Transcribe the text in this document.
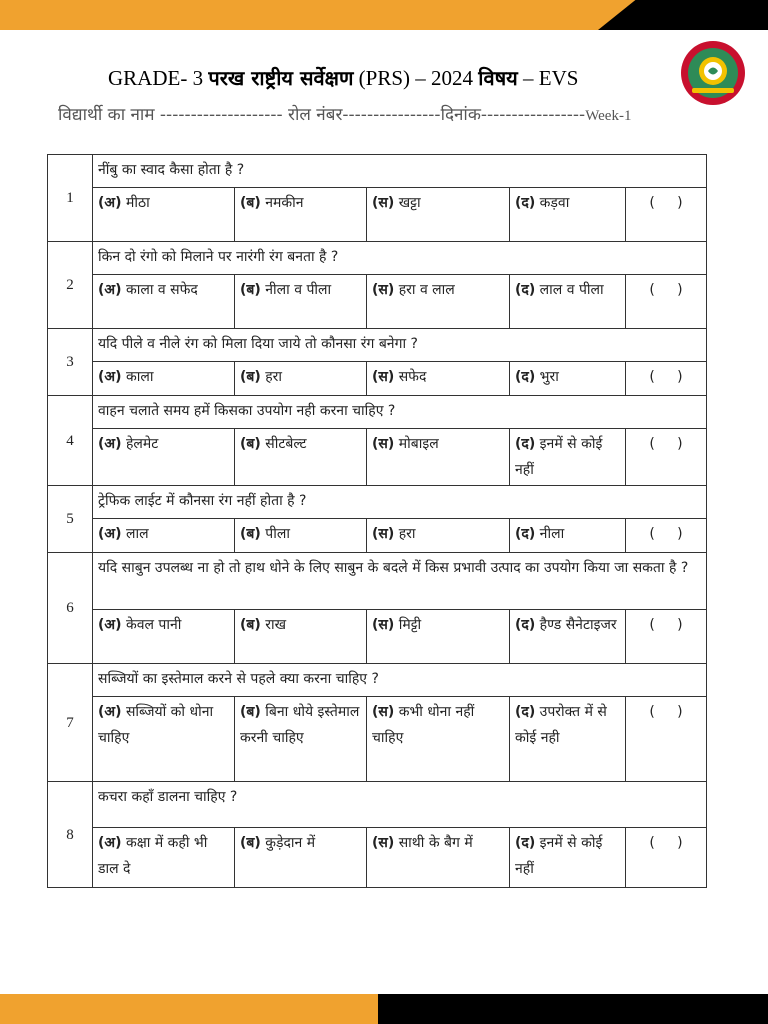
GRADE- 3 परख राष्ट्रीय सर्वेक्षण (PRS) – 2024 विषय – EVS
विद्यार्थी का नाम -------------------- रोल नंबर----------------दिनांक-----------------Week-1
1	नींबु का स्वाद कैसा होता है ?				
	(अ) मीठा	(ब) नमकीन	(स) खट्टा	(द) कड़वा	(     )
2	किन दो रंगो को मिलाने पर नारंगी रंग बनता है ?				
	(अ) काला व सफेद	(ब) नीला व पीला	(स) हरा व लाल	(द) लाल व पीला	(     )
3	यदि पीले व नीले रंग को मिला दिया जाये तो कौनसा रंग बनेगा ?				
	(अ) काला	(ब) हरा	(स) सफेद	(द) भुरा	(     )
4	वाहन चलाते समय हमें किसका उपयोग नही करना चाहिए ?				
	(अ) हेलमेट	(ब) सीटबेल्ट	(स) मोबाइल	(द) इनमें से कोई नहीं	(     )
5	ट्रेफिक लाईट में कौनसा रंग नहीं होता है ?				
	(अ) लाल	(ब) पीला	(स) हरा	(द) नीला	(     )
6	यदि साबुन उपलब्ध ना हो तो हाथ धोने के लिए साबुन के बदले में किस प्रभावी उत्पाद का उपयोग किया जा सकता है ?				
	(अ) केवल पानी	(ब) राख	(स) मिट्टी	(द) हैण्ड सैनेटाइजर	(     )
7	सब्जियों का इस्तेमाल करने से पहले क्या करना चाहिए ?				
	(अ) सब्जियों को धोना चाहिए	(ब) बिना धोये इस्तेमाल करनी चाहिए	(स) कभी धोना नहीं चाहिए	(द) उपरोक्त में से कोई नही	(     )
8	कचरा कहाँ डालना चाहिए ?				
	(अ) कक्षा में कही भी डाल दे	(ब) कुड़ेदान में	(स) साथी के बैग में	(द) इनमें से कोई नहीं	(     )
